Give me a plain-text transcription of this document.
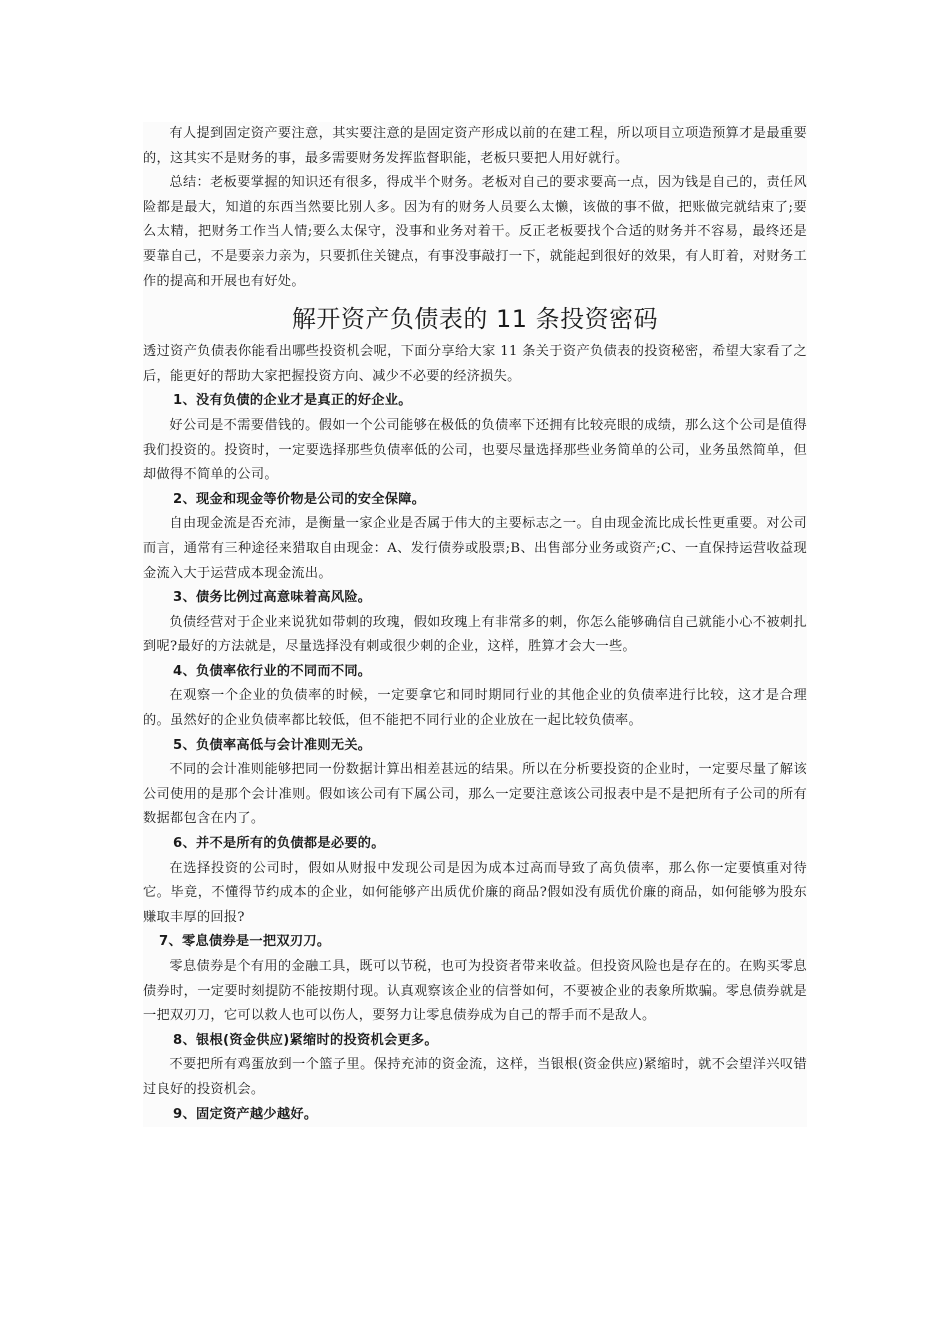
有人提到固定资产要注意，其实要注意的是固定资产形成以前的在建工程，所以项目立项造预算才是最重要的，这其实不是财务的事，最多需要财务发挥监督职能，老板只要把人用好就行。

总结：老板要掌握的知识还有很多，得成半个财务。老板对自己的要求要高一点，因为钱是自己的，责任风险都是最大，知道的东西当然要比别人多。因为有的财务人员要么太懒，该做的事不做，把账做完就结束了;要么太精，把财务工作当人情;要么太保守，没事和业务对着干。反正老板要找个合适的财务并不容易，最终还是要靠自己，不是要亲力亲为，只要抓住关键点，有事没事敲打一下，就能起到很好的效果，有人盯着，对财务工作的提高和开展也有好处。

解开资产负债表的 11 条投资密码

透过资产负债表你能看出哪些投资机会呢，下面分享给大家 11 条关于资产负债表的投资秘密，希望大家看了之后，能更好的帮助大家把握投资方向、减少不必要的经济损失。

1、没有负债的企业才是真正的好企业。

好公司是不需要借钱的。假如一个公司能够在极低的负债率下还拥有比较亮眼的成绩，那么这个公司是值得我们投资的。投资时，一定要选择那些负债率低的公司，也要尽量选择那些业务简单的公司，业务虽然简单，但却做得不简单的公司。

2、现金和现金等价物是公司的安全保障。

自由现金流是否充沛，是衡量一家企业是否属于伟大的主要标志之一。自由现金流比成长性更重要。对公司而言，通常有三种途径来猎取自由现金：A、发行债券或股票;B、出售部分业务或资产;C、一直保持运营收益现金流入大于运营成本现金流出。

3、债务比例过高意味着高风险。

负债经营对于企业来说犹如带刺的玫瑰，假如玫瑰上有非常多的刺，你怎么能够确信自己就能小心不被刺扎到呢?最好的方法就是，尽量选择没有刺或很少刺的企业，这样，胜算才会大一些。

4、负债率依行业的不同而不同。

在观察一个企业的负债率的时候，一定要拿它和同时期同行业的其他企业的负债率进行比较，这才是合理的。虽然好的企业负债率都比较低，但不能把不同行业的企业放在一起比较负债率。

5、负债率高低与会计准则无关。

不同的会计准则能够把同一份数据计算出相差甚远的结果。所以在分析要投资的企业时，一定要尽量了解该公司使用的是那个会计准则。假如该公司有下属公司，那么一定要注意该公司报表中是不是把所有子公司的所有数据都包含在内了。

6、并不是所有的负债都是必要的。

在选择投资的公司时，假如从财报中发现公司是因为成本过高而导致了高负债率，那么你一定要慎重对待它。毕竟，不懂得节约成本的企业，如何能够产出质优价廉的商品?假如没有质优价廉的商品，如何能够为股东赚取丰厚的回报?

7、零息债券是一把双刃刀。

零息债券是个有用的金融工具，既可以节税，也可为投资者带来收益。但投资风险也是存在的。在购买零息债券时，一定要时刻提防不能按期付现。认真观察该企业的信誉如何，不要被企业的表象所欺骗。零息债券就是一把双刃刀，它可以救人也可以伤人，要努力让零息债券成为自己的帮手而不是敌人。

8、银根(资金供应)紧缩时的投资机会更多。

不要把所有鸡蛋放到一个篮子里。保持充沛的资金流，这样，当银根(资金供应)紧缩时，就不会望洋兴叹错过良好的投资机会。

9、固定资产越少越好。
